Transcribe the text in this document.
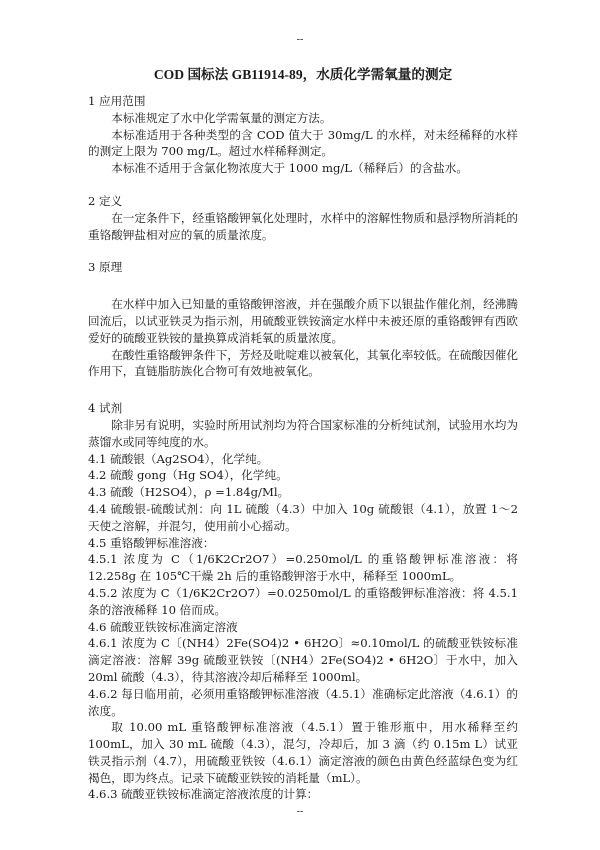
--
COD 国标法 GB11914-89，水质化学需氧量的测定
1 应用范围
本标准规定了水中化学需氧量的测定方法。
本标准适用于各种类型的含 COD 值大于 30mg/L 的水样，对未经稀释的水样的测定上限为 700 mg/L。超过水样稀释测定。
本标准不适用于含氯化物浓度大于 1000 mg/L（稀释后）的含盐水。
2 定义
在一定条件下，经重铬酸钾氧化处理时，水样中的溶解性物质和悬浮物所消耗的重铬酸钾盐相对应的氧的质量浓度。
3 原理
在水样中加入已知量的重铬酸钾溶液，并在强酸介质下以银盐作催化剂，经沸腾回流后，以试亚铁灵为指示剂，用硫酸亚铁铵滴定水样中未被还原的重铬酸钾有西欧爱好的硫酸亚铁铵的量换算成消耗氧的质量浓度。
在酸性重铬酸钾条件下，芳烃及吡啶难以被氧化，其氧化率较低。在硫酸因催化作用下，直链脂肪族化合物可有效地被氧化。
4 试剂
除非另有说明，实验时所用试剂均为符合国家标准的分析纯试剂，试验用水均为蒸馏水或同等纯度的水。
4.1 硫酸银（Ag2SO4），化学纯。
4.2 硫酸 gong（Hg SO4），化学纯。
4.3 硫酸（H2SO4），ρ =1.84g/Ml。
4.4 硫酸银-硫酸试剂：向 1L 硫酸（4.3）中加入 10g 硫酸银（4.1），放置 1～2 天使之溶解，并混匀，使用前小心摇动。
4.5 重铬酸钾标准溶液：
4.5.1 浓度为 C（1/6K2Cr2O7）=0.250mol/L 的重铬酸钾标准溶液：将 12.258g 在 105℃干燥 2h 后的重铬酸钾溶于水中，稀释至 1000mL。
4.5.2 浓度为 C（1/6K2Cr2O7）=0.0250mol/L 的重铬酸钾标准溶液：将 4.5.1 条的溶液稀释 10 倍而成。
4.6 硫酸亚铁铵标准滴定溶液
4.6.1 浓度为 C〔(NH4）2Fe(SO4)2 • 6H2O〕≈0.10mol/L 的硫酸亚铁铵标准滴定溶液：溶解 39g 硫酸亚铁铵〔(NH4）2Fe(SO4)2 • 6H2O〕于水中，加入 20ml 硫酸（4.3），待其溶液冷却后稀释至 1000ml。
4.6.2 每日临用前，必须用重铬酸钾标准溶液（4.5.1）准确标定此溶液（4.6.1）的浓度。
取 10.00 mL 重铬酸钾标准溶液（4.5.1）置于锥形瓶中，用水稀释至约 100mL，加入 30 mL 硫酸（4.3），混匀，冷却后，加 3 滴（约 0.15m L）试亚铁灵指示剂（4.7），用硫酸亚铁铵（4.6.1）滴定溶液的颜色由黄色经蓝绿色变为红褐色，即为终点。记录下硫酸亚铁铵的消耗量（mL）。
4.6.3 硫酸亚铁铵标准滴定溶液浓度的计算：
--
